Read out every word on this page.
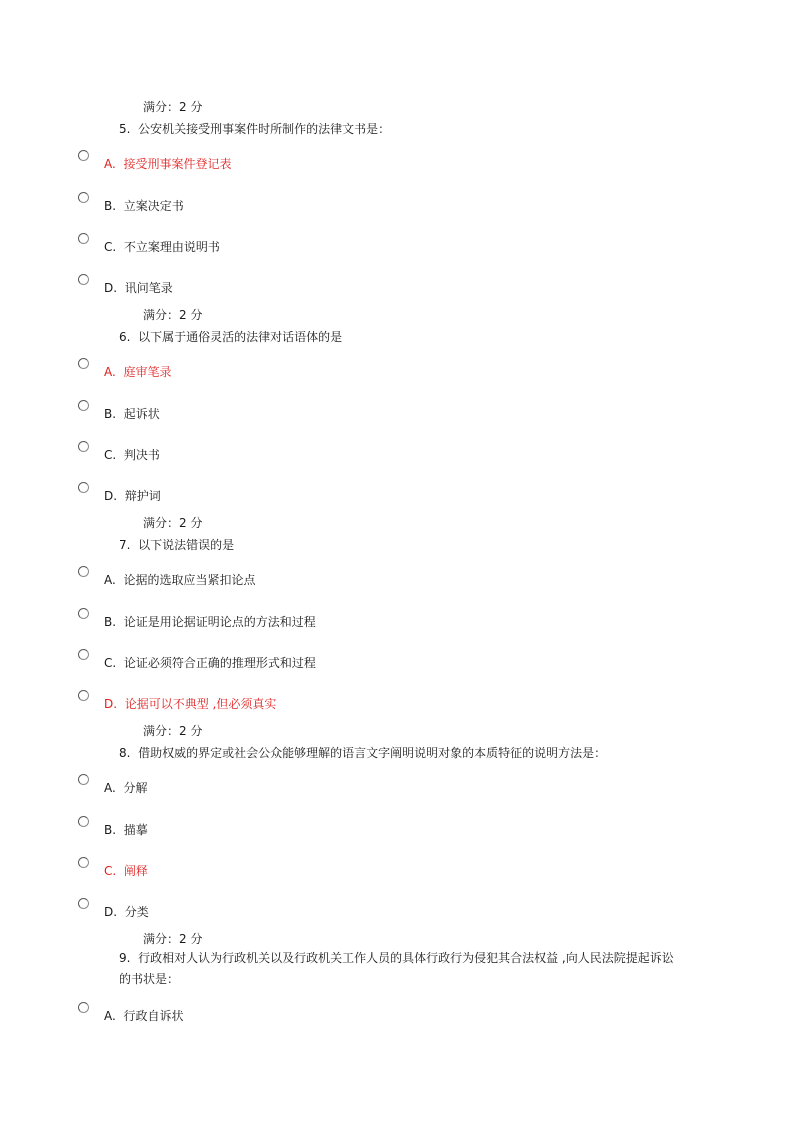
满分：2 分
5. 公安机关接受刑事案件时所制作的法律文书是：
A. 接受刑事案件登记表
B. 立案决定书
C. 不立案理由说明书
D. 讯问笔录
满分：2 分
6. 以下属于通俗灵活的法律对话语体的是
A. 庭审笔录
B. 起诉状
C. 判决书
D. 辩护词
满分：2 分
7. 以下说法错误的是
A. 论据的选取应当紧扣论点
B. 论证是用论据证明论点的方法和过程
C. 论证必须符合正确的推理形式和过程
D. 论据可以不典型 ,但必须真实
满分：2 分
8. 借助权威的界定或社会公众能够理解的语言文字阐明说明对象的本质特征的说明方法是：
A. 分解
B. 描摹
C. 阐释
D. 分类
满分：2 分
9. 行政相对人认为行政机关以及行政机关工作人员的具体行政行为侵犯其合法权益 ,向人民法院提起诉讼的书状是：
A. 行政自诉状
